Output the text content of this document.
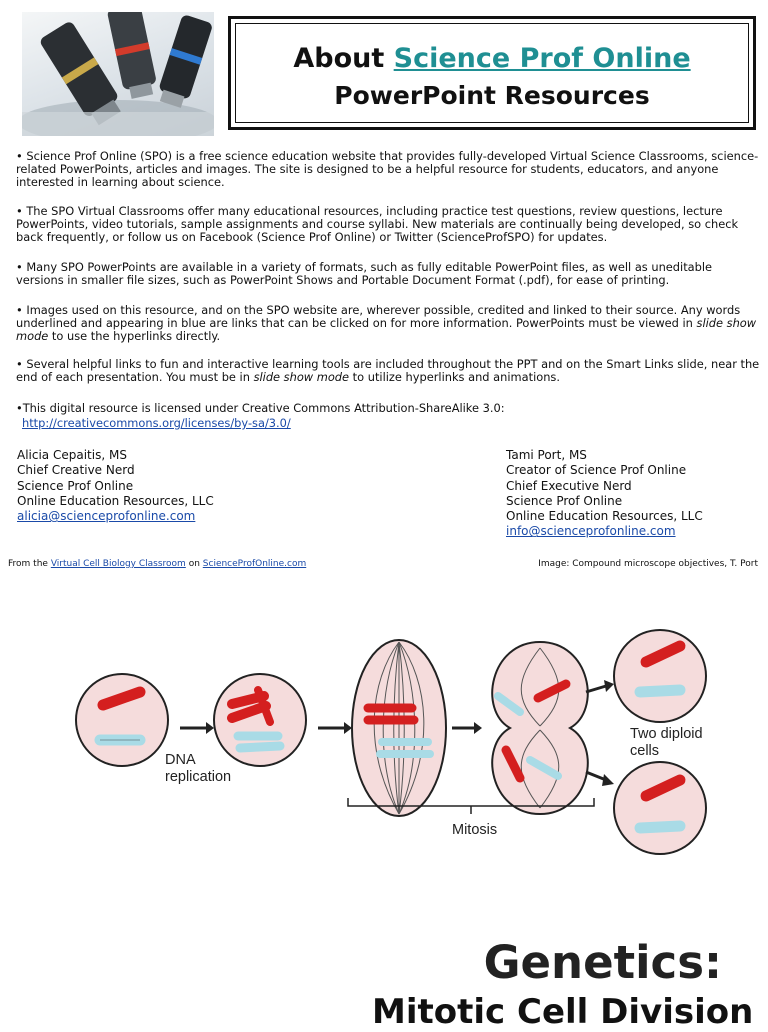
About Science Prof Online
PowerPoint Resources

• Science Prof Online (SPO) is a free science education website that provides fully-developed Virtual Science Classrooms, science-related PowerPoints, articles and images. The site is designed to be a helpful resource for students, educators, and anyone interested in learning about science.

• The SPO Virtual Classrooms offer many educational resources, including practice test questions, review questions, lecture PowerPoints, video tutorials, sample assignments and course syllabi. New materials are continually being developed, so check back frequently, or follow us on Facebook (Science Prof Online) or Twitter (ScienceProfSPO) for updates.

• Many SPO PowerPoints are available in a variety of formats, such as fully editable PowerPoint files, as well as uneditable versions in smaller file sizes, such as PowerPoint Shows and Portable Document Format (.pdf), for ease of printing.

• Images used on this resource, and on the SPO website are, wherever possible, credited and linked to their source. Any words underlined and appearing in blue are links that can be clicked on for more information. PowerPoints must be viewed in slide show mode to use the hyperlinks directly.

• Several helpful links to fun and interactive learning tools are included throughout the PPT and on the Smart Links slide, near the end of each presentation. You must be in slide show mode to utilize hyperlinks and animations.

•This digital resource is licensed under Creative Commons Attribution-ShareAlike 3.0:

http://creativecommons.org/licenses/by-sa/3.0/
Alicia Cepaitis, MS
Chief Creative Nerd
Science Prof Online
Online Education Resources, LLC
alicia@scienceprofonline.com
Tami Port, MS
Creator of Science Prof Online
Chief Executive Nerd
Science Prof Online
Online Education Resources, LLC
info@scienceprofonline.com
From the Virtual Cell Biology Classroom on ScienceProfOnline.com	Image: Compound microscope objectives, T. Port
DNA
replication
Mitosis
Two diploid
cells
Genetics:
Mitotic Cell Division
